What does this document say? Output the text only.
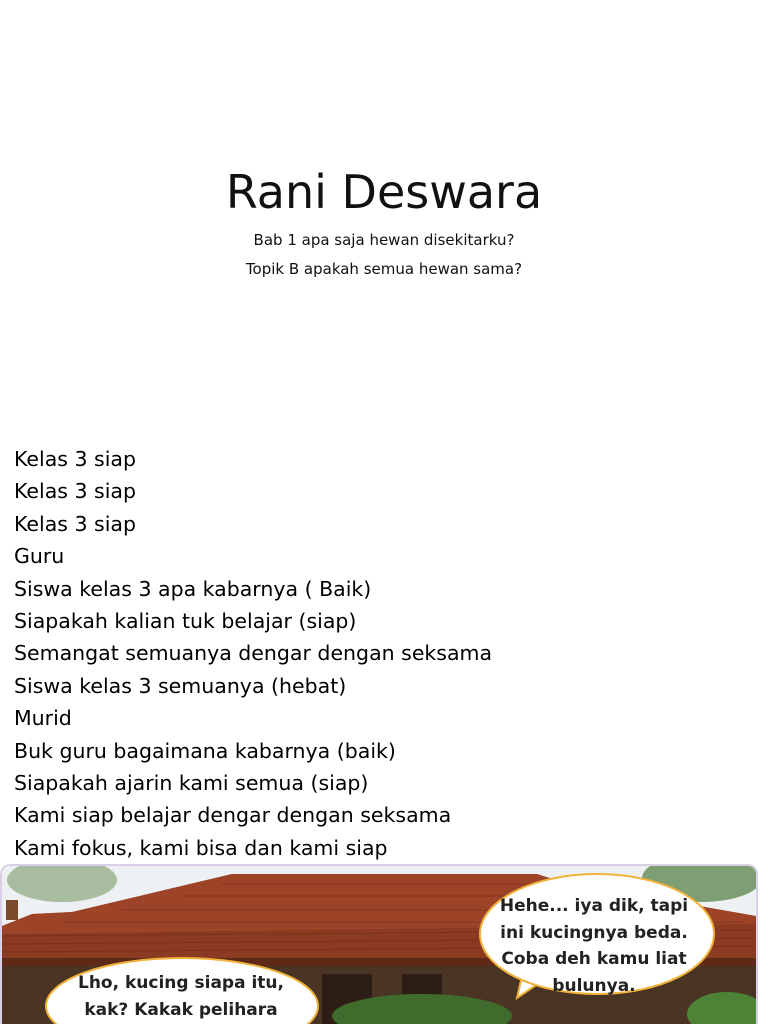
Rani Deswara
Bab 1 apa saja hewan disekitarku?
Topik B apakah semua hewan sama?
Kelas 3 siap
Kelas 3 siap
Kelas 3 siap
Guru
Siswa kelas 3 apa kabarnya ( Baik)
Siapakah kalian tuk belajar (siap)
Semangat semuanya dengar dengan seksama
Siswa kelas 3 semuanya (hebat)
Murid
Buk guru bagaimana kabarnya (baik)
Siapakah ajarin kami semua (siap)
Kami siap belajar dengar dengan seksama
Kami fokus, kami bisa dan kami siap
Hehe... iya dik, tapi
ini kucingnya beda.
Coba deh kamu liat
bulunya.
Lho, kucing siapa itu,
kak? Kakak pelihara
